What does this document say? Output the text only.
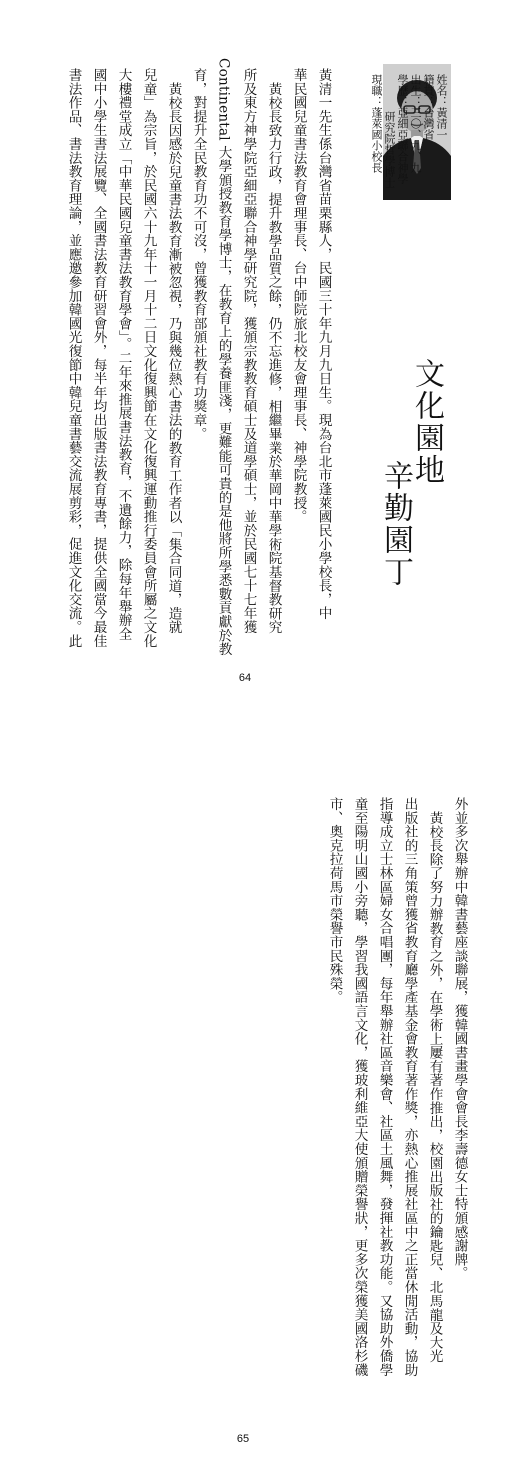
姓名：黃清一
籍貫：台灣省
出生：三〇、九、九
學歷：亞細亞聯合神學
研究院哲學博士
現職：蓬萊國小校長
文化園地
辛勤園丁
黃清一先生係台灣省苗栗縣人，民國三十年九月九日生。現為台北市蓬萊國民小學校長，中
華民國兒童書法教育會理事長、台中師院旅北校友會理事長、神學院教授。
黃校長致力行政，提升教學品質之餘，仍不忘進修，相繼畢業於華岡中華學術院基督教研究
所及東方神學院亞細亞聯合神學研究院，獲頒宗教教育碩士及道學碩士，並於民國七十七年獲
Continental 大學頒授教育學博士，在教育上的學養匪淺，更難能可貴的是他將所學悉數貢獻於教
育，對提升全民教育功不可沒，曾獲教育部頒社教有功獎章。
黃校長因感於兒童書法教育漸被忽視，乃與幾位熱心書法的教育工作者以「集合同道，造就
兒童」為宗旨，於民國六十九年十一月十二日文化復興節在文化復興運動推行委員會所屬之文化
大樓禮堂成立「中華民國兒童書法教育學會」。二年來推展書法教育，不遺餘力，除每年舉辦全
國中小學生書法展覽、全國書法教育研習會外，每半年均出版書法教育專書，提供全國當今最佳
書法作品、書法教育理論，並應邀參加韓國光復節中韓兒童書藝交流展剪彩，促進文化交流。此
64
外並多次舉辦中韓書藝座談聯展，獲韓國書畫學會會長李壽德女士特頒感謝牌。
黃校長除了努力辦教育之外，在學術上屢有著作推出，校園出版社的鑰匙兒、北馬龍及大光
出版社的三角策曾獲省教育廳學產基金會教育著作獎，亦熱心推展社區中之正當休閒活動，協助
指導成立士林區婦女合唱團，每年舉辦社區音樂會、社區土風舞，發揮社教功能。又協助外僑學
童至陽明山國小旁聽，學習我國語言文化，獲玻利維亞大使頒贈榮譽狀，更多次榮獲美國洛杉磯
市、奧克拉荷馬市榮譽市民殊榮。
65
